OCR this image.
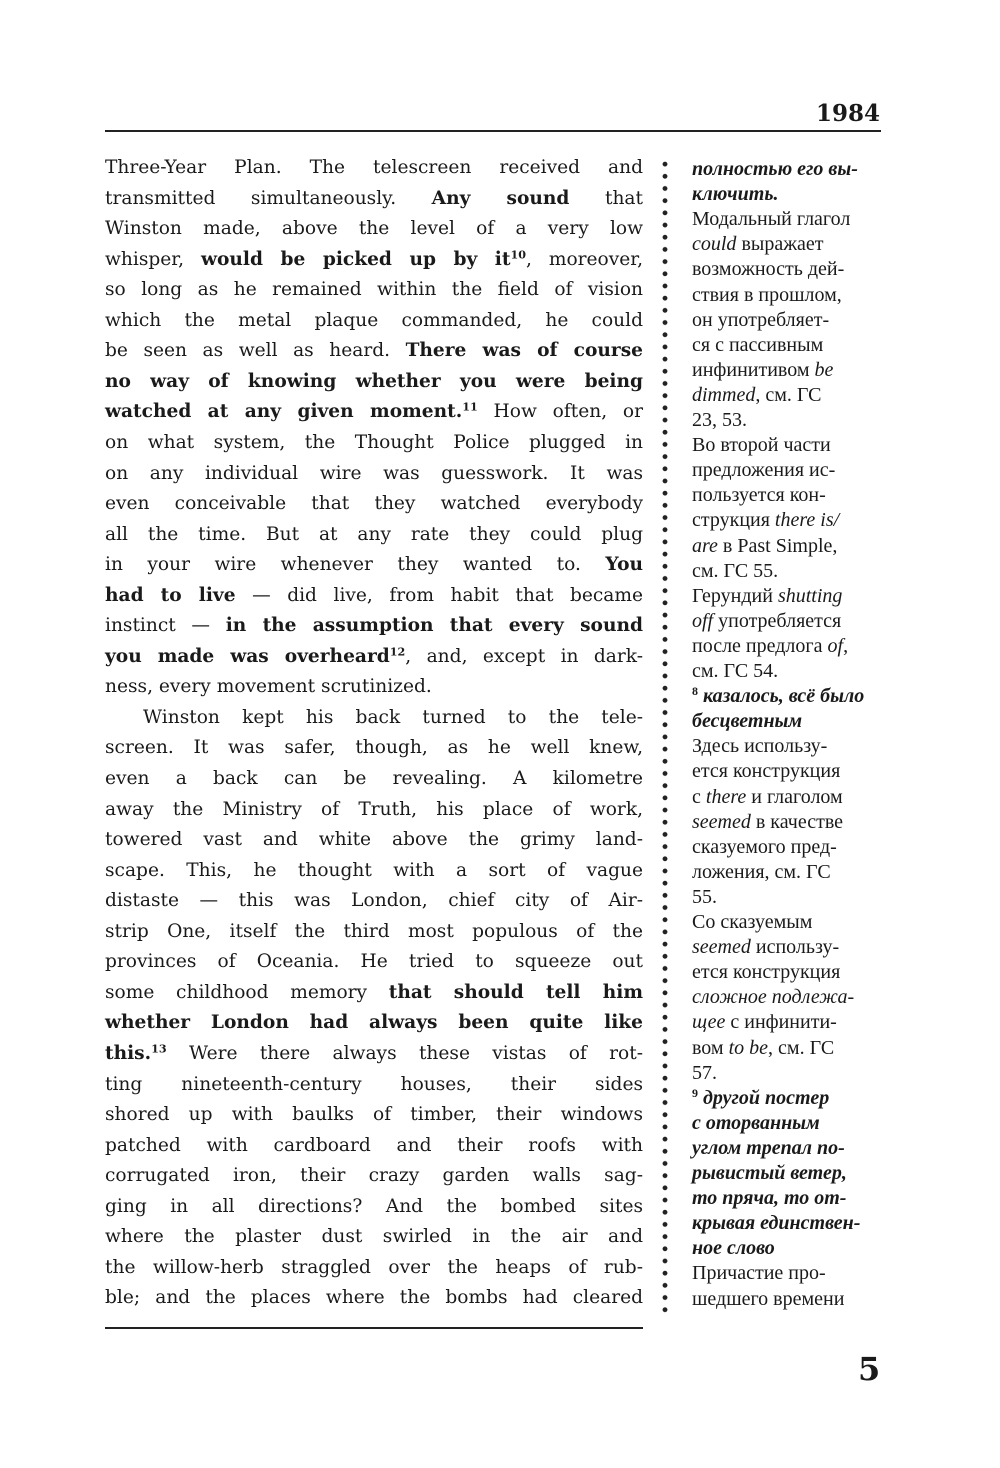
1984
Three-Year Plan. The telescreen received and
transmitted simultaneously. Any sound that
Winston made, above the level of a very low
whisper, would be picked up by $it^{10}$, moreover,
so long as he remained within the field of vision
which the metal plaque commanded, he could
be seen as well as heard. There was of course
no way of knowing whether you were being
watched at any given moment.$^{11}$ How often, or
on what system, the Thought Police plugged in
on any individual wire was guesswork. It was
even conceivable that they watched everybody
all the time. But at any rate they could plug
in your wire whenever they wanted to. You
had to live — did live, from habit that became
instinct — in the assumption that every sound
you made was overheard$^{12}$, and, except in dark-
ness, every movement scrutinized.
Winston kept his back turned to the tele-
screen. It was safer, though, as he well knew,
even a back can be revealing. A kilometre
away the Ministry of Truth, his place of work,
towered vast and white above the grimy land-
scape. This, he thought with a sort of vague
distaste — this was London, chief city of Air-
strip One, itself the third most populous of the
provinces of Oceania. He tried to squeeze out
some childhood memory that should tell him
whether London had always been quite like
this.$^{13}$ Were there always these vistas of rot-
ting nineteenth-century houses, their sides
shored up with baulks of timber, their windows
patched with cardboard and their roofs with
corrugated iron, their crazy garden walls sag-
ging in all directions? And the bombed sites
where the plaster dust swirled in the air and
the willow-herb straggled over the heaps of rub-
ble; and the places where the bombs had cleared
полностью его вы-
ключить.
Модальный глагол
could выражает
возможность дей-
ствия в прошлом,
он употребляет-
ся с пассивным
инфинитивом be
dimmed, см. ГС
23, 53.
Во второй части
предложения ис-
пользуется кон-
струкция there is/
are в Past Simple,
см. ГС 55.
Герундий shutting
off употребляется
после предлога of,
см. ГС 54.
$^8$ казалось, всё было
бесцветным
Здесь использу-
ется конструкция
с there и глаголом
seemed в качестве
сказуемого пред-
ложения, см. ГС
55.
Со сказуемым
seemed использу-
ется конструкция
сложное подлежа-
щее с инфинити-
вом to be, см. ГС
57.
$^9$ другой постер
с оторванным
углом трепал по-
рывистый ветер,
то пряча, то от-
крывая единствен-
ное слово
Причастие про-
шедшего времени
5
